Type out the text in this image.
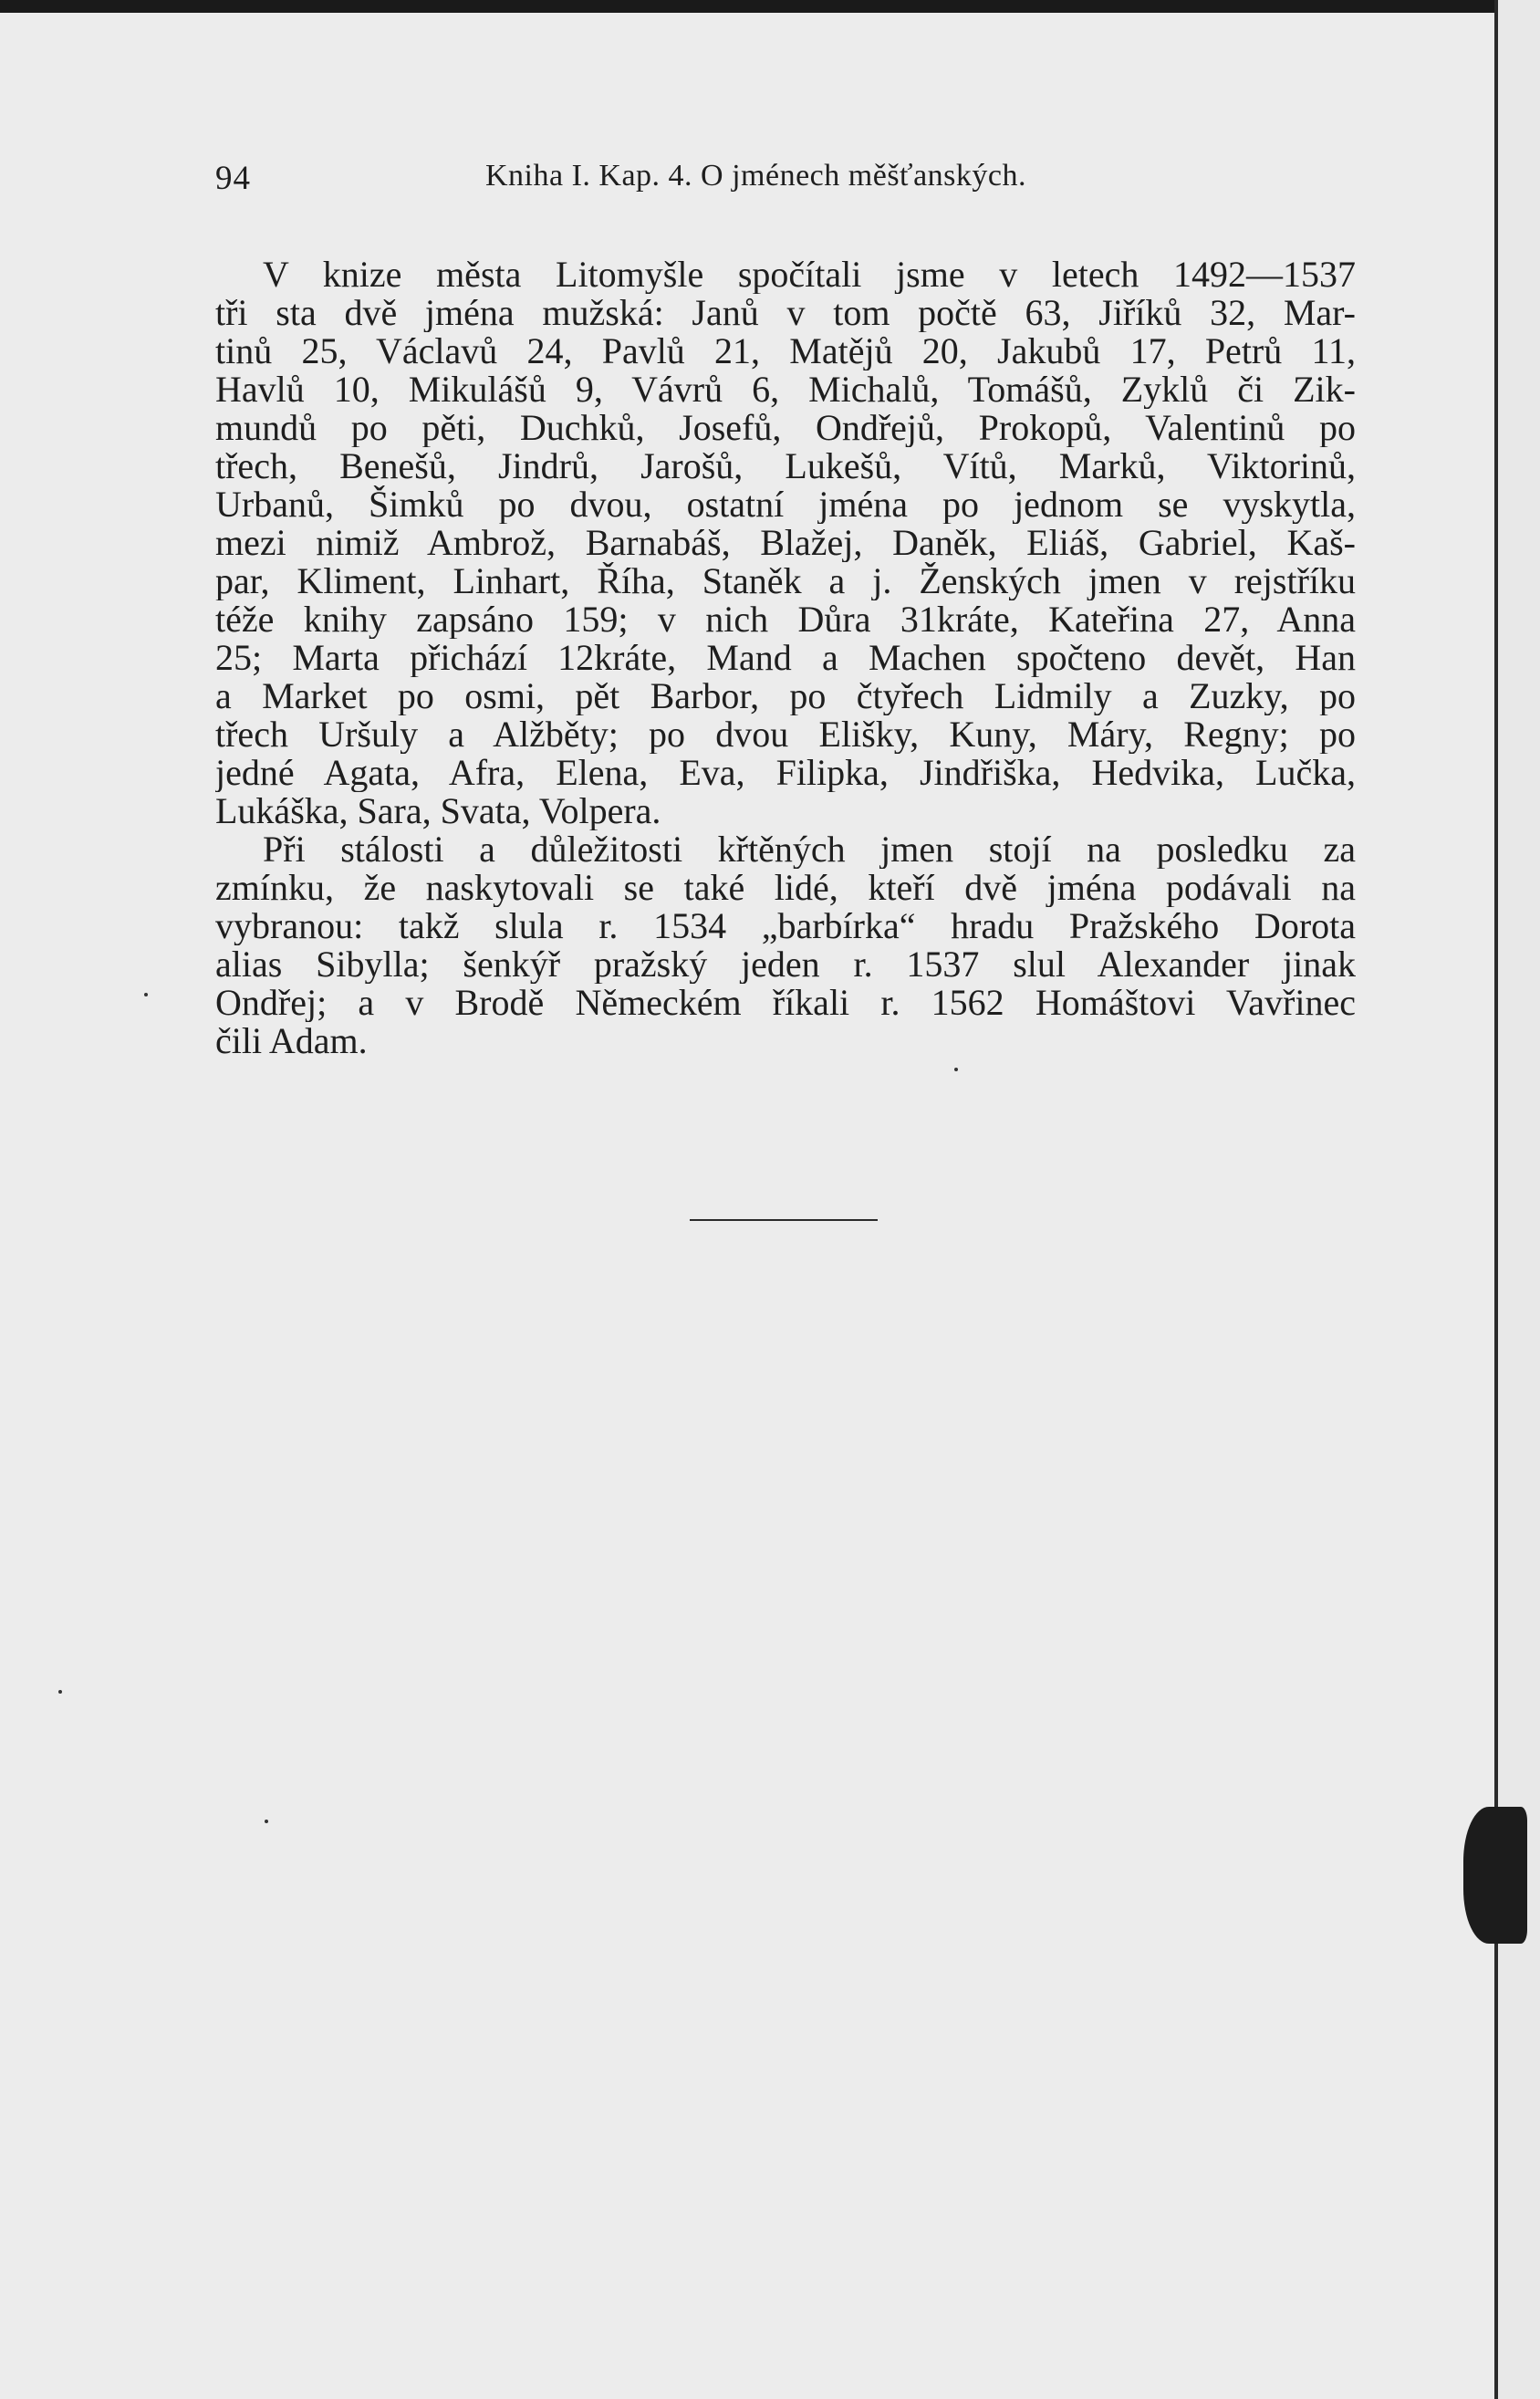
94	Kniha I. Kap. 4. O jménech měšťanských.

V knize města Litomyšle spočítali jsme v letech 1492—1537
tři sta dvě jména mužská: Janů v tom počtě 63, Jiříků 32, Mar-
tinů 25, Václavů 24, Pavlů 21, Matějů 20, Jakubů 17, Petrů 11,
Havlů 10, Mikulášů 9, Vávrů 6, Michalů, Tomášů, Zyklů či Zik-
mundů po pěti, Duchků, Josefů, Ondřejů, Prokopů, Valentinů po
třech, Benešů, Jindrů, Jarošů, Lukešů, Vítů, Marků, Viktorinů,
Urbanů, Šimků po dvou, ostatní jména po jednom se vyskytla,
mezi nimiž Ambrož, Barnabáš, Blažej, Daněk, Eliáš, Gabriel, Kaš-
par, Kliment, Linhart, Říha, Staněk a j. Ženských jmen v rejstříku
téže knihy zapsáno 159; v nich Důra 31kráte, Kateřina 27, Anna
25; Marta přichází 12kráte, Mand a Machen spočteno devět, Han
a Market po osmi, pět Barbor, po čtyřech Lidmily a Zuzky, po
třech Uršuly a Alžběty; po dvou Elišky, Kuny, Máry, Regny; po
jedné Agata, Afra, Elena, Eva, Filipka, Jindřiška, Hedvika, Lučka,
Lukáška, Sara, Svata, Volpera.

Při stálosti a důležitosti křtěných jmen stojí na posledku za
zmínku, že naskytovali se také lidé, kteří dvě jména podávali na
vybranou: takž slula r. 1534 „barbírka“ hradu Pražského Dorota
alias Sibylla; šenkýř pražský jeden r. 1537 slul Alexander jinak
Ondřej; a v Brodě Německém říkali r. 1562 Homáštovi Vavřinec
čili Adam.
